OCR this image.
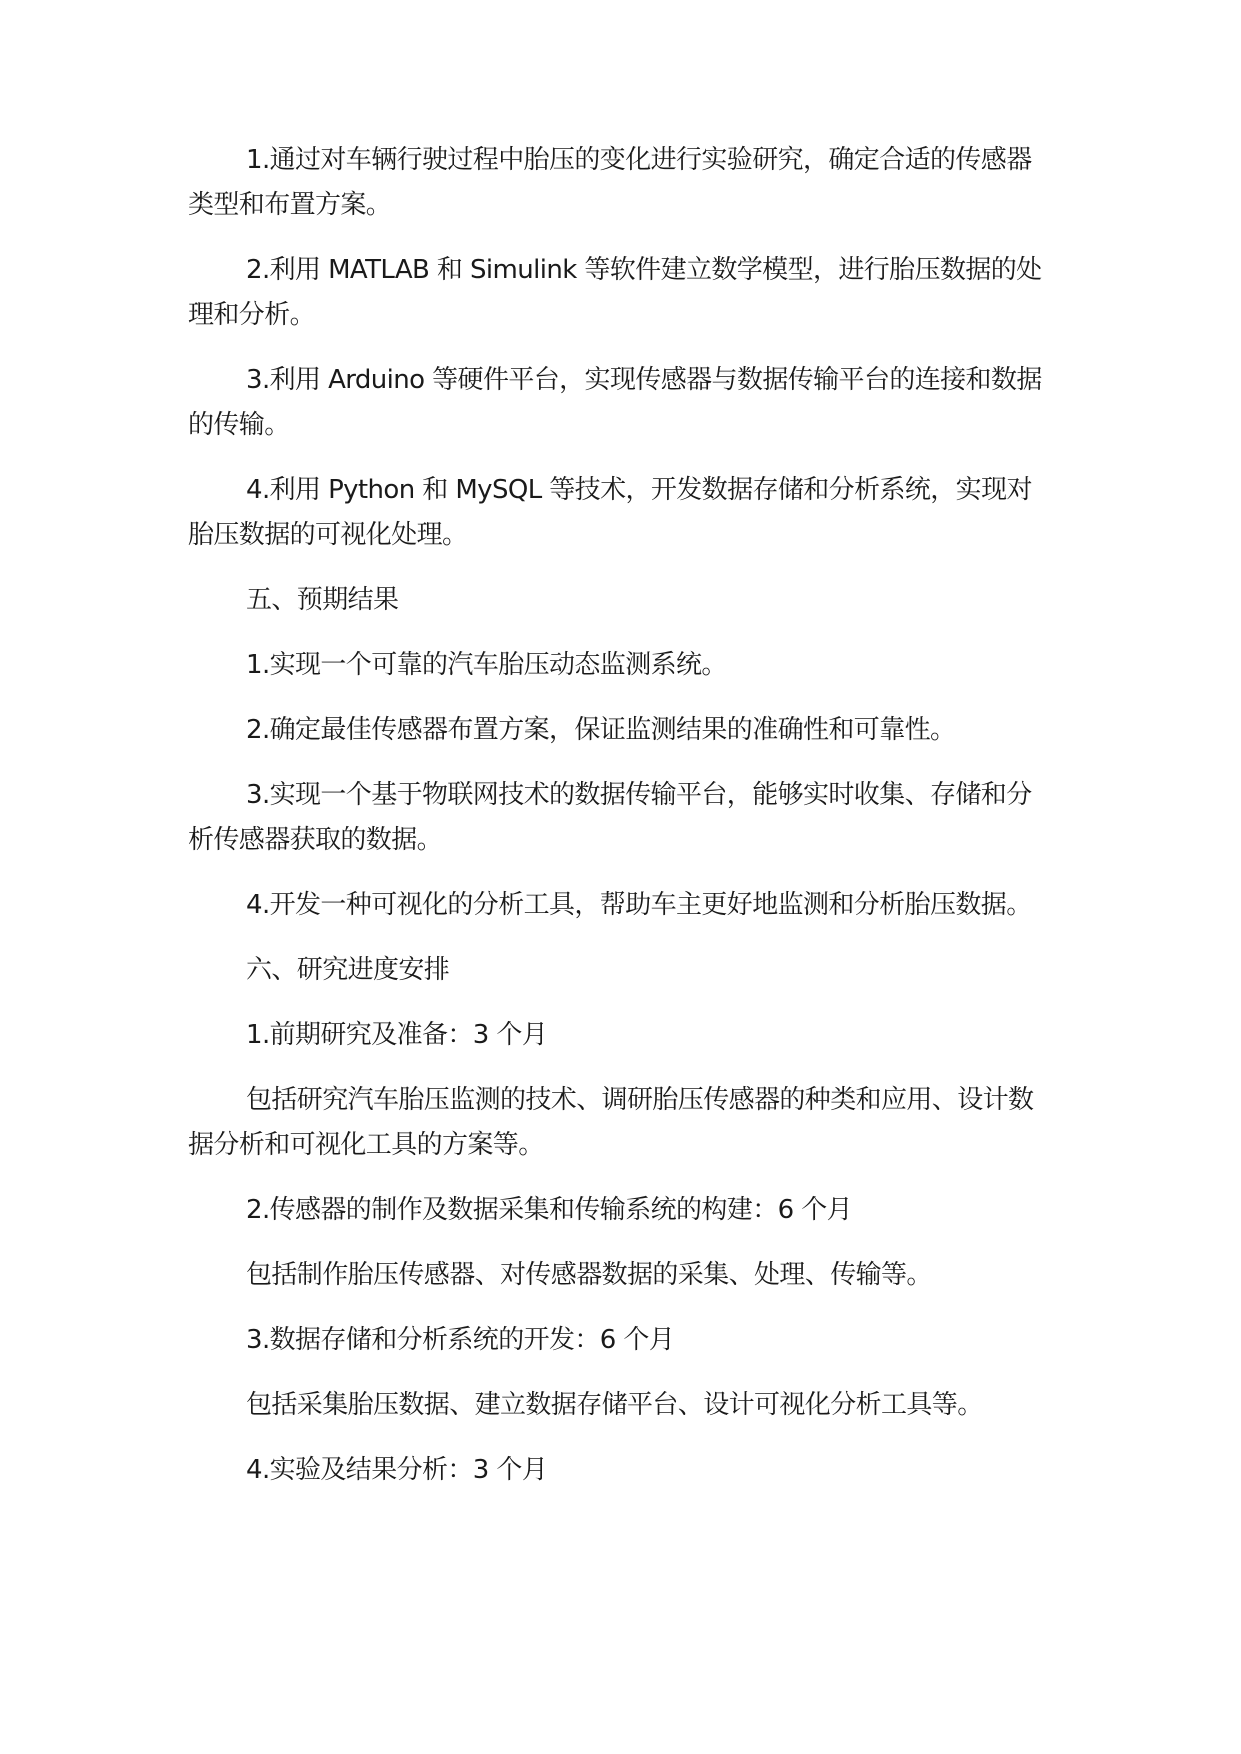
1.通过对车辆行驶过程中胎压的变化进行实验研究，确定合适的传感器类型和布置方案。

2.利用 MATLAB 和 Simulink 等软件建立数学模型，进行胎压数据的处理和分析。

3.利用 Arduino 等硬件平台，实现传感器与数据传输平台的连接和数据的传输。

4.利用 Python 和 MySQL 等技术，开发数据存储和分析系统，实现对胎压数据的可视化处理。

五、预期结果

1.实现一个可靠的汽车胎压动态监测系统。

2.确定最佳传感器布置方案，保证监测结果的准确性和可靠性。

3.实现一个基于物联网技术的数据传输平台，能够实时收集、存储和分析传感器获取的数据。

4.开发一种可视化的分析工具，帮助车主更好地监测和分析胎压数据。

六、研究进度安排

1.前期研究及准备：3 个月

包括研究汽车胎压监测的技术、调研胎压传感器的种类和应用、设计数据分析和可视化工具的方案等。

2.传感器的制作及数据采集和传输系统的构建：6 个月

包括制作胎压传感器、对传感器数据的采集、处理、传输等。

3.数据存储和分析系统的开发：6 个月

包括采集胎压数据、建立数据存储平台、设计可视化分析工具等。

4.实验及结果分析：3 个月
